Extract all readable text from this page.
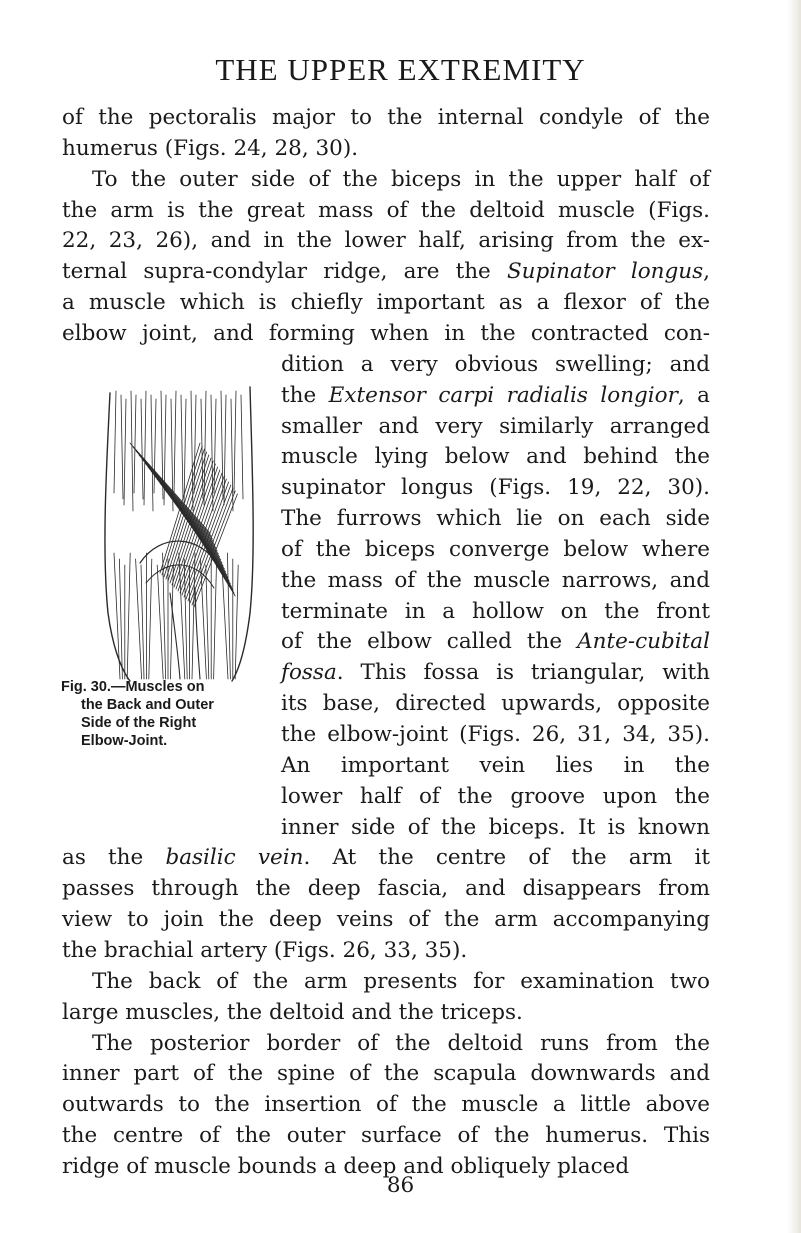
THE UPPER EXTREMITY
of the pectoralis major to the internal condyle of the
humerus (Figs. 24, 28, 30).
To the outer side of the biceps in the upper half of
the arm is the great mass of the deltoid muscle (Figs.
22, 23, 26), and in the lower half, arising from the ex-
ternal supra-condylar ridge, are the Supinator longus,
a muscle which is chiefly important as a flexor of the
elbow joint, and forming when in the contracted con-
dition a very obvious swelling; and
the Extensor carpi radialis longior, a
smaller and very similarly arranged
muscle lying below and behind the
supinator longus (Figs. 19, 22, 30).
The furrows which lie on each side
of the biceps converge below where
the mass of the muscle narrows, and
terminate in a hollow on the front
of the elbow called the Ante-cubital
fossa. This fossa is triangular, with
its base, directed upwards, opposite
the elbow-joint (Figs. 26, 31, 34, 35).
An important vein lies in the
lower half of the groove upon the
inner side of the biceps. It is known
as the basilic vein. At the centre of the arm it
passes through the deep fascia, and disappears from
view to join the deep veins of the arm accompanying
the brachial artery (Figs. 26, 33, 35).
The back of the arm presents for examination two
large muscles, the deltoid and the triceps.
The posterior border of the deltoid runs from the
inner part of the spine of the scapula downwards and
outwards to the insertion of the muscle a little above
the centre of the outer surface of the humerus. This
ridge of muscle bounds a deep and obliquely placed
Fig. 30.—Muscles on
the Back and Outer
Side of the Right
Elbow-Joint.
86
